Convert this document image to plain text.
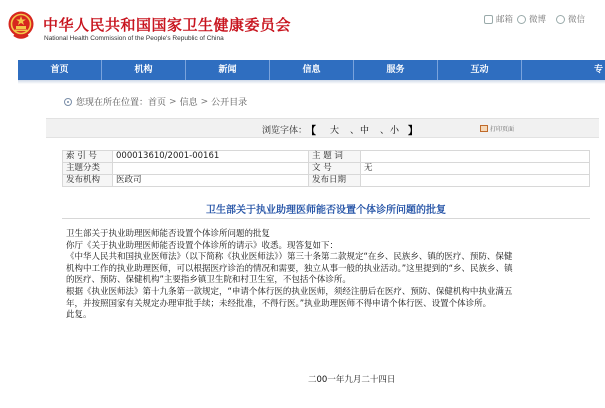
中华人民共和国国家卫生健康委员会
National Health Commission of the People's Republic of China
邮箱 微博	微信
首页	机构	新闻	信息	服务	互动	专
您现在所在位置： 首页 > 信息 > 公开目录
浏览字体：
【 大 、 中 、 小 】	打印页面
索 引 号	000013610/2001-00161	主 题 词	
主题分类		文 号	无
发布机构	医政司	发布日期	
卫生部关于执业助理医师能否设置个体诊所问题的批复

卫生部关于执业助理医师能否设置个体诊所问题的批复

你厅《关于执业助理医师能否设置个体诊所的请示》收悉。现答复如下：

《中华人民共和国执业医师法》（以下简称《执业医师法》）第三十条第二款规定“在乡、民族乡、镇的医疗、预防、保健

机构中工作的执业助理医师，可以根据医疗诊治的情况和需要，独立从事一般的执业活动。”这里提到的“乡、民族乡、镇

的医疗、预防、保健机构”主要指乡镇卫生院和村卫生室，不包括个体诊所。

根据《执业医师法》第十九条第一款规定，“申请个体行医的执业医师，须经注册后在医疗、预防、保健机构中执业满五

年，并按照国家有关规定办理审批手续；未经批准，不得行医。”执业助理医师不得申请个体行医、设置个体诊所。

此复。

二00一年九月二十四日
